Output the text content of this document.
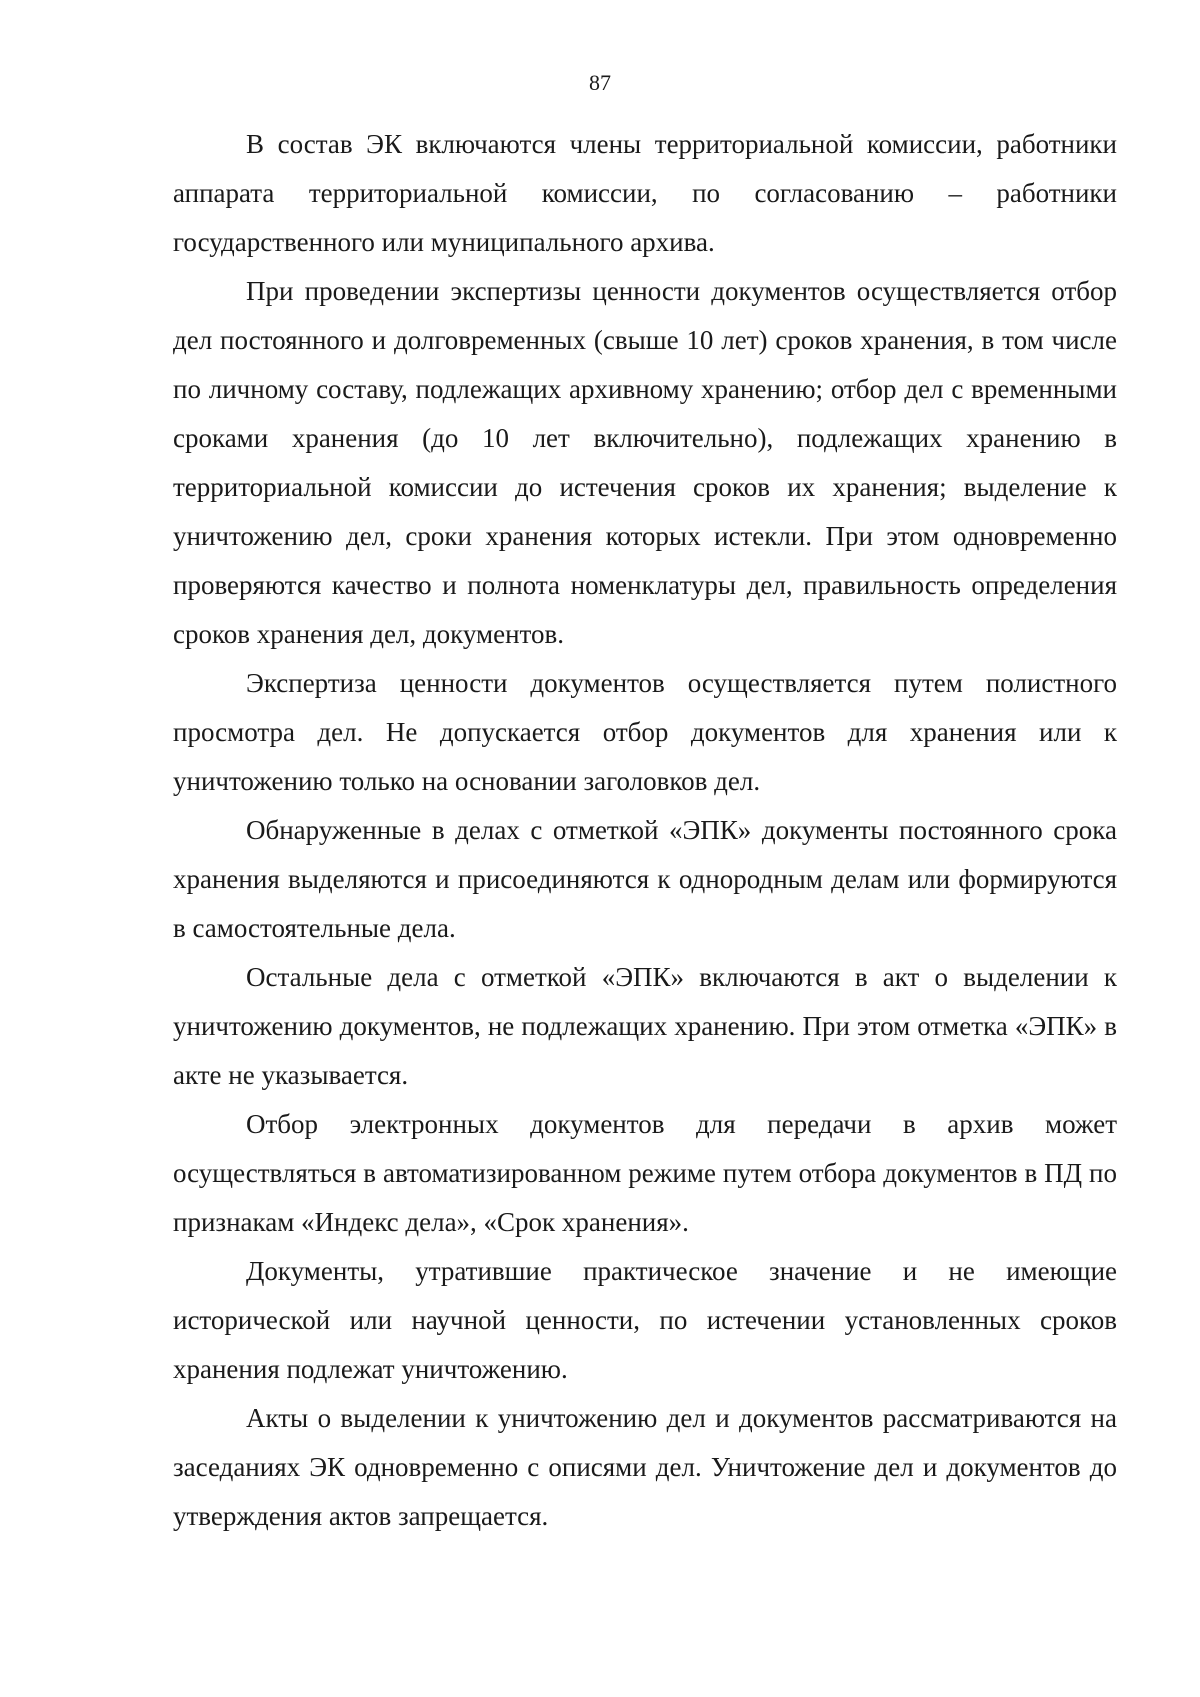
87

В состав ЭК включаются члены территориальной комиссии, работники аппарата территориальной комиссии, по согласованию – работники государственного или муниципального архива.

При проведении экспертизы ценности документов осуществляется отбор дел постоянного и долговременных (свыше 10 лет) сроков хранения, в том числе по личному составу, подлежащих архивному хранению; отбор дел с временными сроками хранения (до 10 лет включительно), подлежащих хранению в территориальной комиссии до истечения сроков их хранения; выделение к уничтожению дел, сроки хранения которых истекли. При этом одновременно проверяются качество и полнота номенклатуры дел, правильность определения сроков хранения дел, документов.

Экспертиза ценности документов осуществляется путем полистного просмотра дел. Не допускается отбор документов для хранения или к уничтожению только на основании заголовков дел.

Обнаруженные в делах с отметкой «ЭПК» документы постоянного срока хранения выделяются и присоединяются к однородным делам или формируются в самостоятельные дела.

Остальные дела с отметкой «ЭПК» включаются в акт о выделении к уничтожению документов, не подлежащих хранению. При этом отметка «ЭПК» в акте не указывается.

Отбор электронных документов для передачи в архив может осуществляться в автоматизированном режиме путем отбора документов в ПД по признакам «Индекс дела», «Срок хранения».

Документы, утратившие практическое значение и не имеющие исторической или научной ценности, по истечении установленных сроков хранения подлежат уничтожению.

Акты о выделении к уничтожению дел и документов рассматриваются на заседаниях ЭК одновременно с описями дел. Уничтожение дел и документов до утверждения актов запрещается.
